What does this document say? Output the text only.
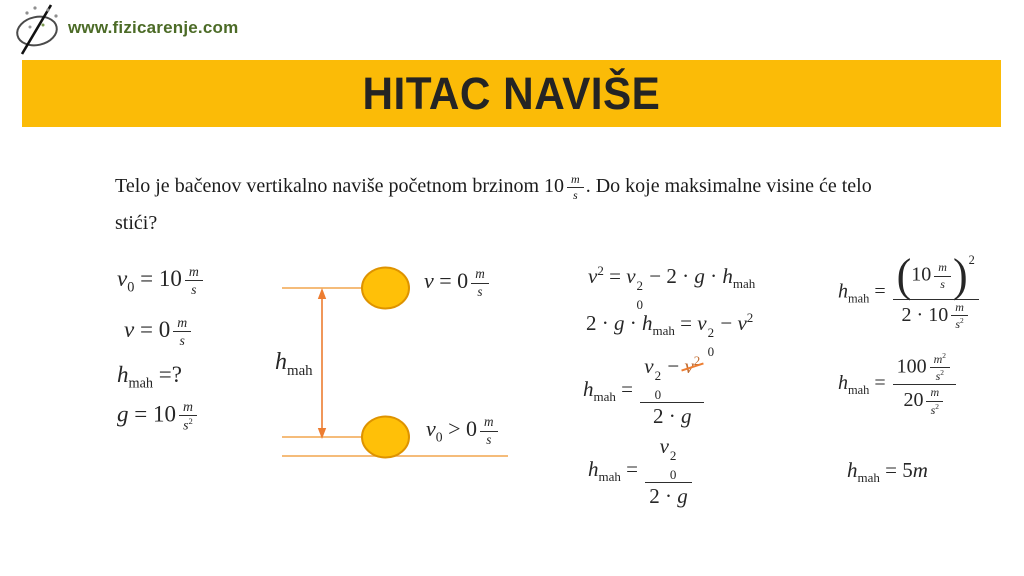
www.fizicarenje.com
HITAC NAVIŠE
Telo je bačenov vertikalno naviše početnom brzinom $10 \frac{m}{s}$ . Do koje maksimalne visine će telo
stići?
$v_0 = 10 \frac{m}{s}$
$v = 0 \frac{m}{s}$
$h_{mah}$ =?
$g = 10 \frac{m}{s^2}$
$v = 0 \frac{m}{s}$
$h_{mah}$
$v_0 > 0 \frac{m}{s}$
$v^2 = v$ 2
0
− $2 \cdot g \cdot h_{mah}$
$2 \cdot g \cdot h_{mah} = v$ 2
0
− $v^2$
$h_{mah} = v$ 2
0
− $v^2$
2 · g
$h_{mah} = v$ 2
0
2 · g
$h_{mah} = \frac{( 10 \frac{m}{s} ) 2}{2 \cdot 10 \frac{m}{s^2}}$
$h_{mah} = \frac{100 \frac{m^2}{s^2}}{20 \frac{m}{s^2}}$
$h_{mah} = 5m$
